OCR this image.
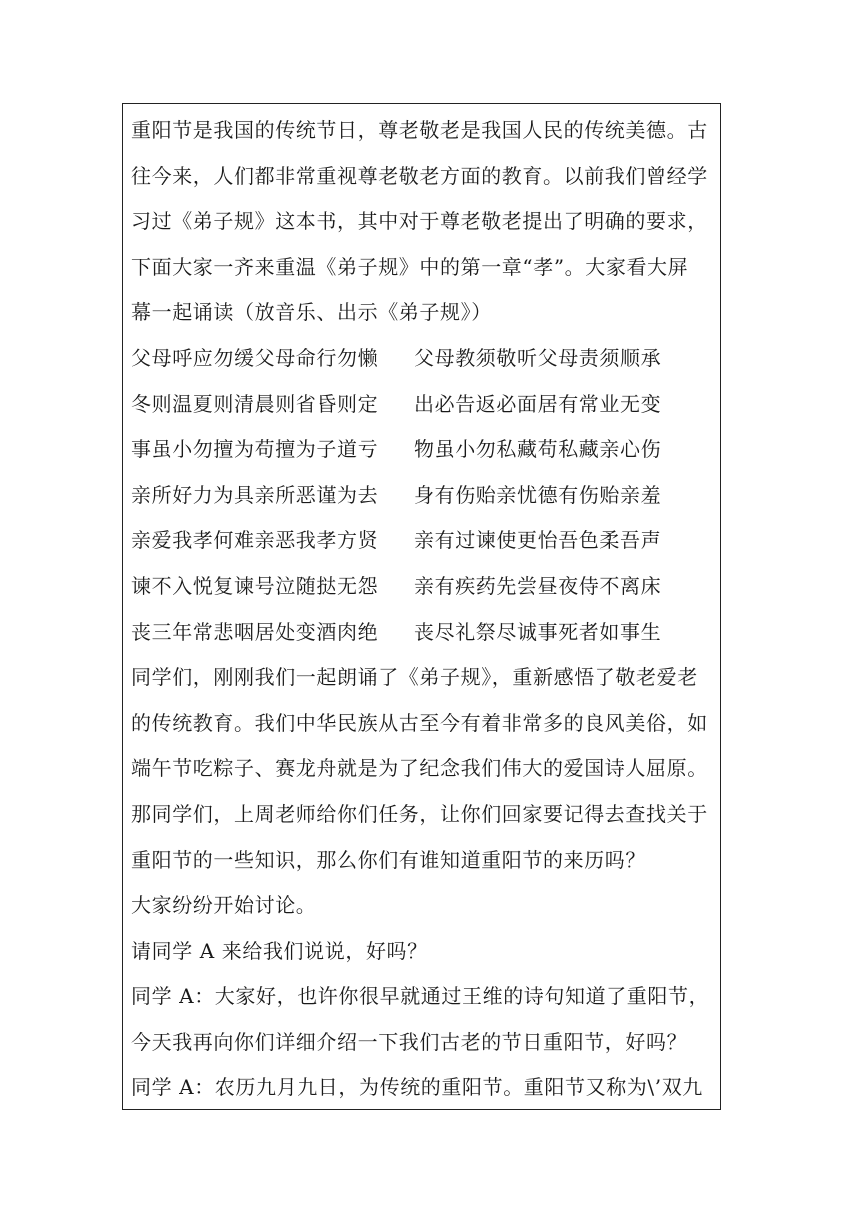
重阳节是我国的传统节日，尊老敬老是我国人民的传统美德。古
往今来，人们都非常重视尊老敬老方面的教育。以前我们曾经学
习过《弟子规》这本书，其中对于尊老敬老提出了明确的要求，
下面大家一齐来重温《弟子规》中的第一章“孝”。大家看大屏
幕一起诵读（放音乐、出示《弟子规》）
父母呼应勿缓父母命行勿懒	父母教须敬听父母责须顺承
冬则温夏则清晨则省昏则定	出必告返必面居有常业无变
事虽小勿擅为苟擅为子道亏	物虽小勿私藏苟私藏亲心伤
亲所好力为具亲所恶谨为去	身有伤贻亲忧德有伤贻亲羞
亲爱我孝何难亲恶我孝方贤	亲有过谏使更怡吾色柔吾声
谏不入悦复谏号泣随挞无怨	亲有疾药先尝昼夜侍不离床
丧三年常悲咽居处变酒肉绝	丧尽礼祭尽诚事死者如事生
同学们，刚刚我们一起朗诵了《弟子规》，重新感悟了敬老爱老
的传统教育。我们中华民族从古至今有着非常多的良风美俗，如
端午节吃粽子、赛龙舟就是为了纪念我们伟大的爱国诗人屈原。
那同学们，上周老师给你们任务，让你们回家要记得去查找关于
重阳节的一些知识，那么你们有谁知道重阳节的来历吗？
大家纷纷开始讨论。
请同学 A 来给我们说说，好吗？
同学 A：大家好，也许你很早就通过王维的诗句知道了重阳节，
今天我再向你们详细介绍一下我们古老的节日重阳节，好吗？
同学 A：农历九月九日，为传统的重阳节。重阳节又称为\’双九
